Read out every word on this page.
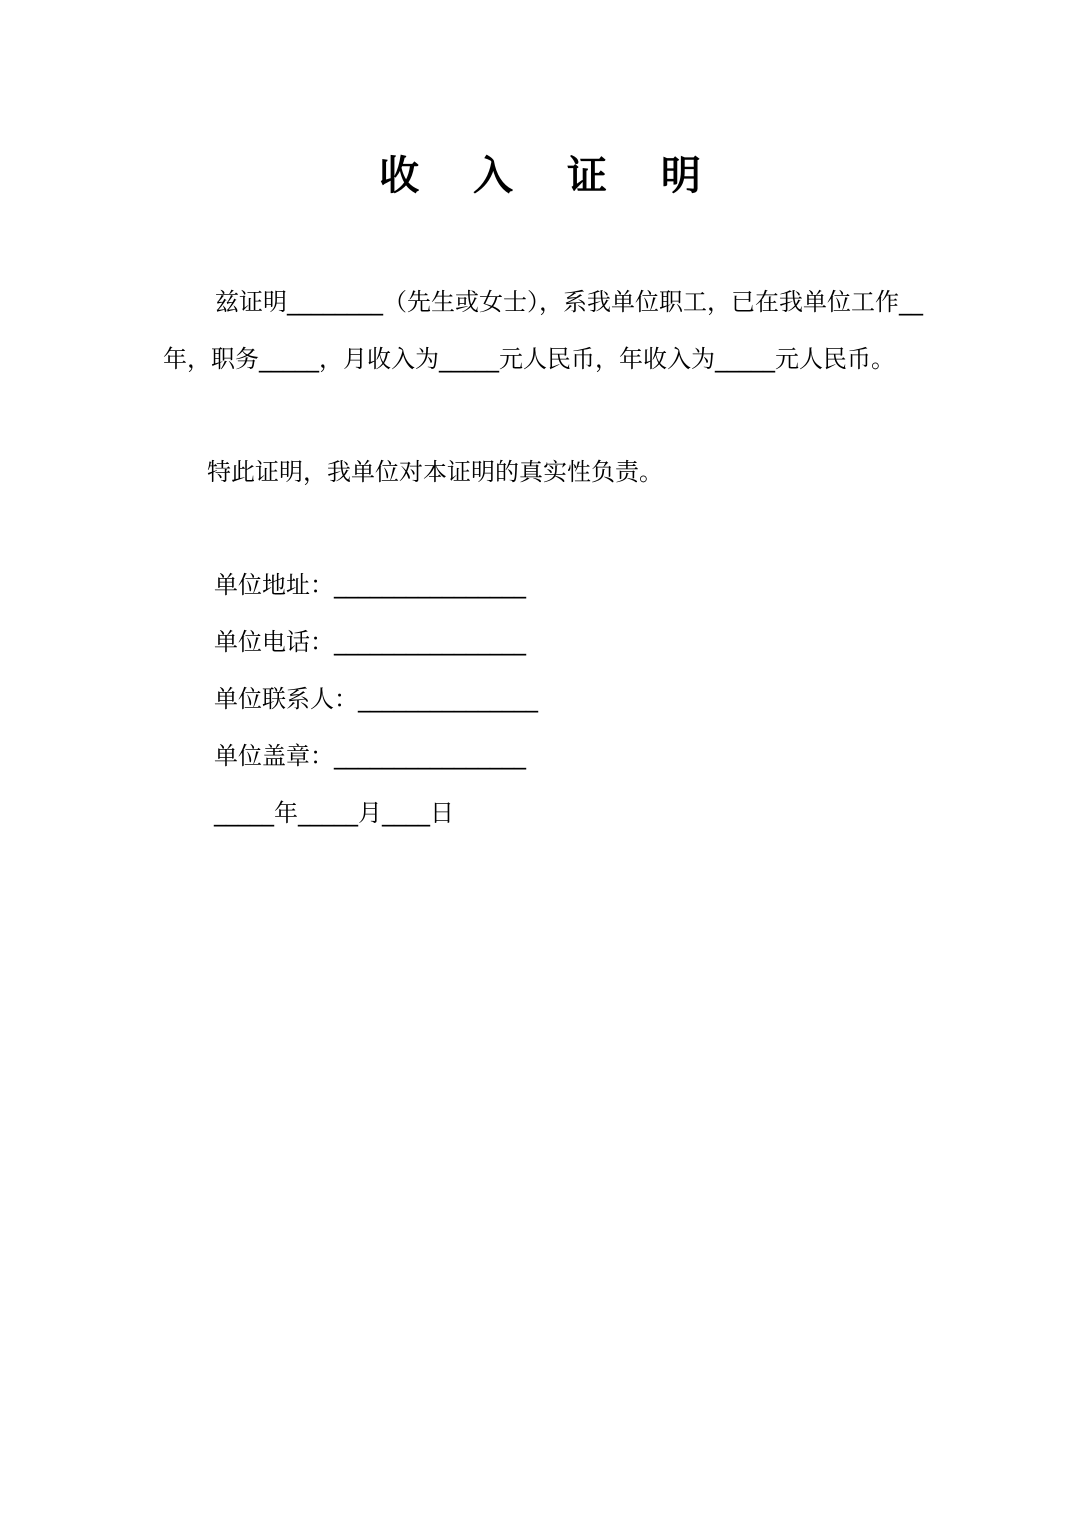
收 入 证 明

兹证明________（先生或女士），系我单位职工，已在我单位工作__年，职务_____，月收入为_____元人民币，年收入为_____元人民币。

特此证明，我单位对本证明的真实性负责。

单位地址：________________
单位电话：________________
单位联系人：_______________
单位盖章：________________
_____年_____月____日
